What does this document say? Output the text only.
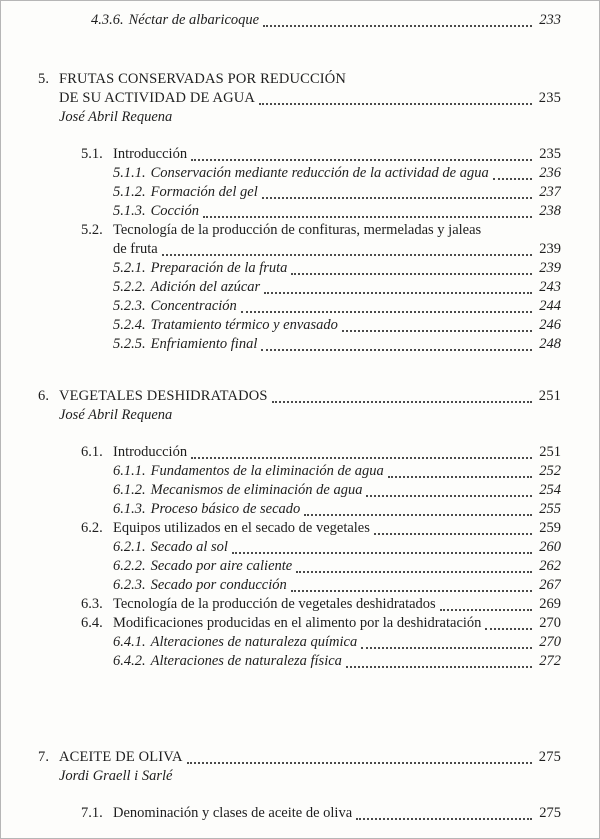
4.3.6. Néctar de albaricoque	233
5. FRUTAS CONSERVADAS POR REDUCCIÓN
DE SU ACTIVIDAD DE AGUA	235
José Abril Requena
5.1. Introducción	235
5.1.1. Conservación mediante reducción de la actividad de agua	236
5.1.2. Formación del gel	237
5.1.3. Cocción	238
5.2. Tecnología de la producción de confituras, mermeladas y jaleas
de fruta	239
5.2.1. Preparación de la fruta	239
5.2.2. Adición del azúcar	243
5.2.3. Concentración	244
5.2.4. Tratamiento térmico y envasado	246
5.2.5. Enfriamiento final	248
6. VEGETALES DESHIDRATADOS	251
José Abril Requena
6.1. Introducción	251
6.1.1. Fundamentos de la eliminación de agua	252
6.1.2. Mecanismos de eliminación de agua	254
6.1.3. Proceso básico de secado	255
6.2. Equipos utilizados en el secado de vegetales	259
6.2.1. Secado al sol	260
6.2.2. Secado por aire caliente	262
6.2.3. Secado por conducción	267
6.3. Tecnología de la producción de vegetales deshidratados	269
6.4. Modificaciones producidas en el alimento por la deshidratación	270
6.4.1. Alteraciones de naturaleza química	270
6.4.2. Alteraciones de naturaleza física	272
7. ACEITE DE OLIVA	275
Jordi Graell i Sarlé
7.1. Denominación y clases de aceite de oliva	275
